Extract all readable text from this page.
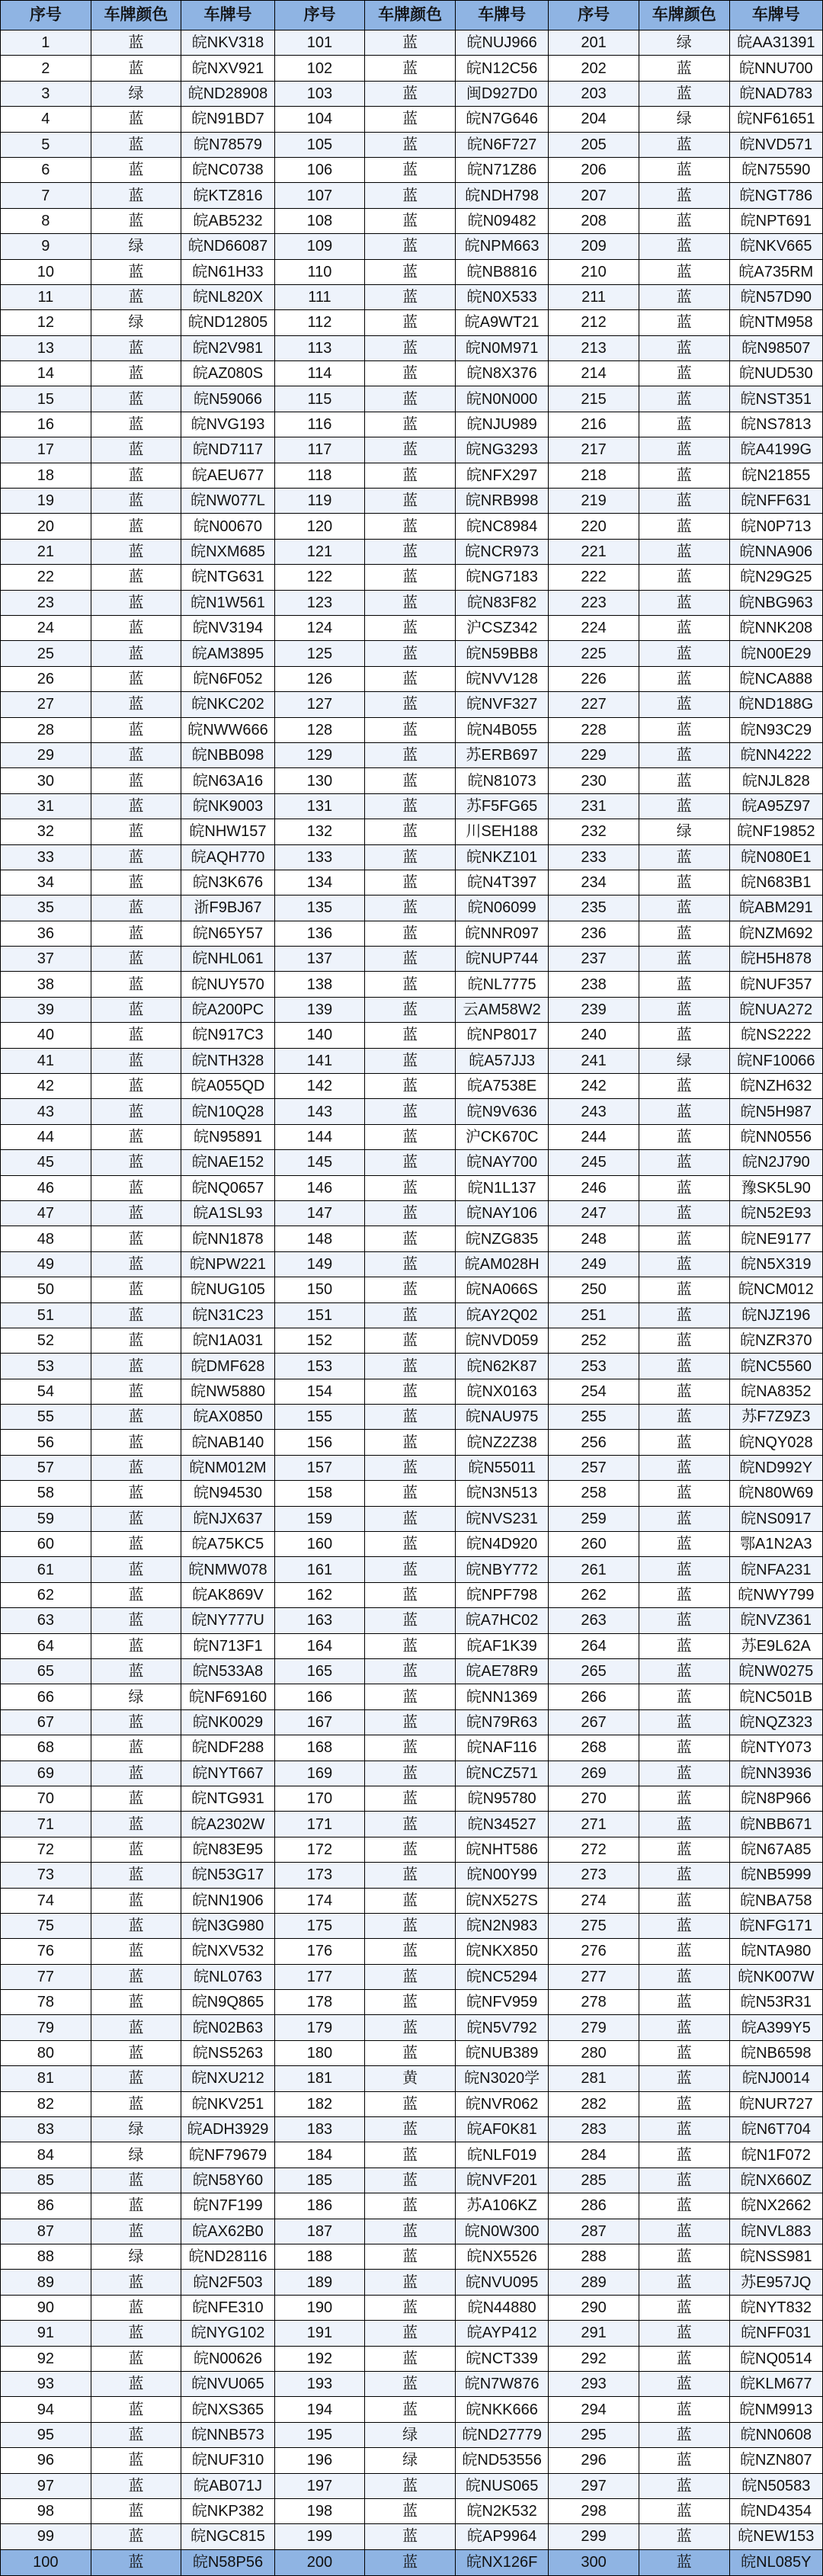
序号	车牌颜色	车牌号	序号	车牌颜色	车牌号	序号	车牌颜色	车牌号
1	蓝	皖NKV318	101	蓝	皖NUJ966	201	绿	皖AA31391
2	蓝	皖NXV921	102	蓝	皖N12C56	202	蓝	皖NNU700
3	绿	皖ND28908	103	蓝	闽D927D0	203	蓝	皖NAD783
4	蓝	皖N91BD7	104	蓝	皖N7G646	204	绿	皖NF61651
5	蓝	皖N78579	105	蓝	皖N6F727	205	蓝	皖NVD571
6	蓝	皖NC0738	106	蓝	皖N71Z86	206	蓝	皖N75590
7	蓝	皖KTZ816	107	蓝	皖NDH798	207	蓝	皖NGT786
8	蓝	皖AB5232	108	蓝	皖N09482	208	蓝	皖NPT691
9	绿	皖ND66087	109	蓝	皖NPM663	209	蓝	皖NKV665
10	蓝	皖N61H33	110	蓝	皖NB8816	210	蓝	皖A735RM
11	蓝	皖NL820X	111	蓝	皖N0X533	211	蓝	皖N57D90
12	绿	皖ND12805	112	蓝	皖A9WT21	212	蓝	皖NTM958
13	蓝	皖N2V981	113	蓝	皖N0M971	213	蓝	皖N98507
14	蓝	皖AZ080S	114	蓝	皖N8X376	214	蓝	皖NUD530
15	蓝	皖N59066	115	蓝	皖N0N000	215	蓝	皖NST351
16	蓝	皖NVG193	116	蓝	皖NJU989	216	蓝	皖NS7813
17	蓝	皖ND7117	117	蓝	皖NG3293	217	蓝	皖A4199G
18	蓝	皖AEU677	118	蓝	皖NFX297	218	蓝	皖N21855
19	蓝	皖NW077L	119	蓝	皖NRB998	219	蓝	皖NFF631
20	蓝	皖N00670	120	蓝	皖NC8984	220	蓝	皖N0P713
21	蓝	皖NXM685	121	蓝	皖NCR973	221	蓝	皖NNA906
22	蓝	皖NTG631	122	蓝	皖NG7183	222	蓝	皖N29G25
23	蓝	皖N1W561	123	蓝	皖N83F82	223	蓝	皖NBG963
24	蓝	皖NV3194	124	蓝	沪CSZ342	224	蓝	皖NNK208
25	蓝	皖AM3895	125	蓝	皖N59BB8	225	蓝	皖N00E29
26	蓝	皖N6F052	126	蓝	皖NVV128	226	蓝	皖NCA888
27	蓝	皖NKC202	127	蓝	皖NVF327	227	蓝	皖ND188G
28	蓝	皖NWW666	128	蓝	皖N4B055	228	蓝	皖N93C29
29	蓝	皖NBB098	129	蓝	苏ERB697	229	蓝	皖NN4222
30	蓝	皖N63A16	130	蓝	皖N81073	230	蓝	皖NJL828
31	蓝	皖NK9003	131	蓝	苏F5FG65	231	蓝	皖A95Z97
32	蓝	皖NHW157	132	蓝	川SEH188	232	绿	皖NF19852
33	蓝	皖AQH770	133	蓝	皖NKZ101	233	蓝	皖N080E1
34	蓝	皖N3K676	134	蓝	皖N4T397	234	蓝	皖N683B1
35	蓝	浙F9BJ67	135	蓝	皖N06099	235	蓝	皖ABM291
36	蓝	皖N65Y57	136	蓝	皖NNR097	236	蓝	皖NZM692
37	蓝	皖NHL061	137	蓝	皖NUP744	237	蓝	皖H5H878
38	蓝	皖NUY570	138	蓝	皖NL7775	238	蓝	皖NUF357
39	蓝	皖A200PC	139	蓝	云AM58W2	239	蓝	皖NUA272
40	蓝	皖N917C3	140	蓝	皖NP8017	240	蓝	皖NS2222
41	蓝	皖NTH328	141	蓝	皖A57JJ3	241	绿	皖NF10066
42	蓝	皖A055QD	142	蓝	皖A7538E	242	蓝	皖NZH632
43	蓝	皖N10Q28	143	蓝	皖N9V636	243	蓝	皖N5H987
44	蓝	皖N95891	144	蓝	沪CK670C	244	蓝	皖NN0556
45	蓝	皖NAE152	145	蓝	皖NAY700	245	蓝	皖N2J790
46	蓝	皖NQ0657	146	蓝	皖N1L137	246	蓝	豫SK5L90
47	蓝	皖A1SL93	147	蓝	皖NAY106	247	蓝	皖N52E93
48	蓝	皖NN1878	148	蓝	皖NZG835	248	蓝	皖NE9177
49	蓝	皖NPW221	149	蓝	皖AM028H	249	蓝	皖N5X319
50	蓝	皖NUG105	150	蓝	皖NA066S	250	蓝	皖NCM012
51	蓝	皖N31C23	151	蓝	皖AY2Q02	251	蓝	皖NJZ196
52	蓝	皖N1A031	152	蓝	皖NVD059	252	蓝	皖NZR370
53	蓝	皖DMF628	153	蓝	皖N62K87	253	蓝	皖NC5560
54	蓝	皖NW5880	154	蓝	皖NX0163	254	蓝	皖NA8352
55	蓝	皖AX0850	155	蓝	皖NAU975	255	蓝	苏F7Z9Z3
56	蓝	皖NAB140	156	蓝	皖NZ2Z38	256	蓝	皖NQY028
57	蓝	皖NM012M	157	蓝	皖N55011	257	蓝	皖ND992Y
58	蓝	皖N94530	158	蓝	皖N3N513	258	蓝	皖N80W69
59	蓝	皖NJX637	159	蓝	皖NVS231	259	蓝	皖NS0917
60	蓝	皖A75KC5	160	蓝	皖N4D920	260	蓝	鄂A1N2A3
61	蓝	皖NMW078	161	蓝	皖NBY772	261	蓝	皖NFA231
62	蓝	皖AK869V	162	蓝	皖NPF798	262	蓝	皖NWY799
63	蓝	皖NY777U	163	蓝	皖A7HC02	263	蓝	皖NVZ361
64	蓝	皖N713F1	164	蓝	皖AF1K39	264	蓝	苏E9L62A
65	蓝	皖N533A8	165	蓝	皖AE78R9	265	蓝	皖NW0275
66	绿	皖NF69160	166	蓝	皖NN1369	266	蓝	皖NC501B
67	蓝	皖NK0029	167	蓝	皖N79R63	267	蓝	皖NQZ323
68	蓝	皖NDF288	168	蓝	皖NAF116	268	蓝	皖NTY073
69	蓝	皖NYT667	169	蓝	皖NCZ571	269	蓝	皖NN3936
70	蓝	皖NTG931	170	蓝	皖N95780	270	蓝	皖N8P966
71	蓝	皖A2302W	171	蓝	皖N34527	271	蓝	皖NBB671
72	蓝	皖N83E95	172	蓝	皖NHT586	272	蓝	皖N67A85
73	蓝	皖N53G17	173	蓝	皖N00Y99	273	蓝	皖NB5999
74	蓝	皖NN1906	174	蓝	皖NX527S	274	蓝	皖NBA758
75	蓝	皖N3G980	175	蓝	皖N2N983	275	蓝	皖NFG171
76	蓝	皖NXV532	176	蓝	皖NKX850	276	蓝	皖NTA980
77	蓝	皖NL0763	177	蓝	皖NC5294	277	蓝	皖NK007W
78	蓝	皖N9Q865	178	蓝	皖NFV959	278	蓝	皖N53R31
79	蓝	皖N02B63	179	蓝	皖N5V792	279	蓝	皖A399Y5
80	蓝	皖NS5263	180	蓝	皖NUB389	280	蓝	皖NB6598
81	蓝	皖NXU212	181	黄	皖N3020学	281	蓝	皖NJ0014
82	蓝	皖NKV251	182	蓝	皖NVR062	282	蓝	皖NUR727
83	绿	皖ADH3929	183	蓝	皖AF0K81	283	蓝	皖N6T704
84	绿	皖NF79679	184	蓝	皖NLF019	284	蓝	皖N1F072
85	蓝	皖N58Y60	185	蓝	皖NVF201	285	蓝	皖NX660Z
86	蓝	皖N7F199	186	蓝	苏A106KZ	286	蓝	皖NX2662
87	蓝	皖AX62B0	187	蓝	皖N0W300	287	蓝	皖NVL883
88	绿	皖ND28116	188	蓝	皖NX5526	288	蓝	皖NSS981
89	蓝	皖N2F503	189	蓝	皖NVU095	289	蓝	苏E957JQ
90	蓝	皖NFE310	190	蓝	皖N44880	290	蓝	皖NYT832
91	蓝	皖NYG102	191	蓝	皖AYP412	291	蓝	皖NFF031
92	蓝	皖N00626	192	蓝	皖NCT339	292	蓝	皖NQ0514
93	蓝	皖NVU065	193	蓝	皖N7W876	293	蓝	皖KLM677
94	蓝	皖NXS365	194	蓝	皖NKK666	294	蓝	皖NM9913
95	蓝	皖NNB573	195	绿	皖ND27779	295	蓝	皖NN0608
96	蓝	皖NUF310	196	绿	皖ND53556	296	蓝	皖NZN807
97	蓝	皖AB071J	197	蓝	皖NUS065	297	蓝	皖N50583
98	蓝	皖NKP382	198	蓝	皖N2K532	298	蓝	皖ND4354
99	蓝	皖NGC815	199	蓝	皖AP9964	299	蓝	皖NEW153
100	蓝	皖N58P56	200	蓝	皖NX126F	300	蓝	皖NL085Y
